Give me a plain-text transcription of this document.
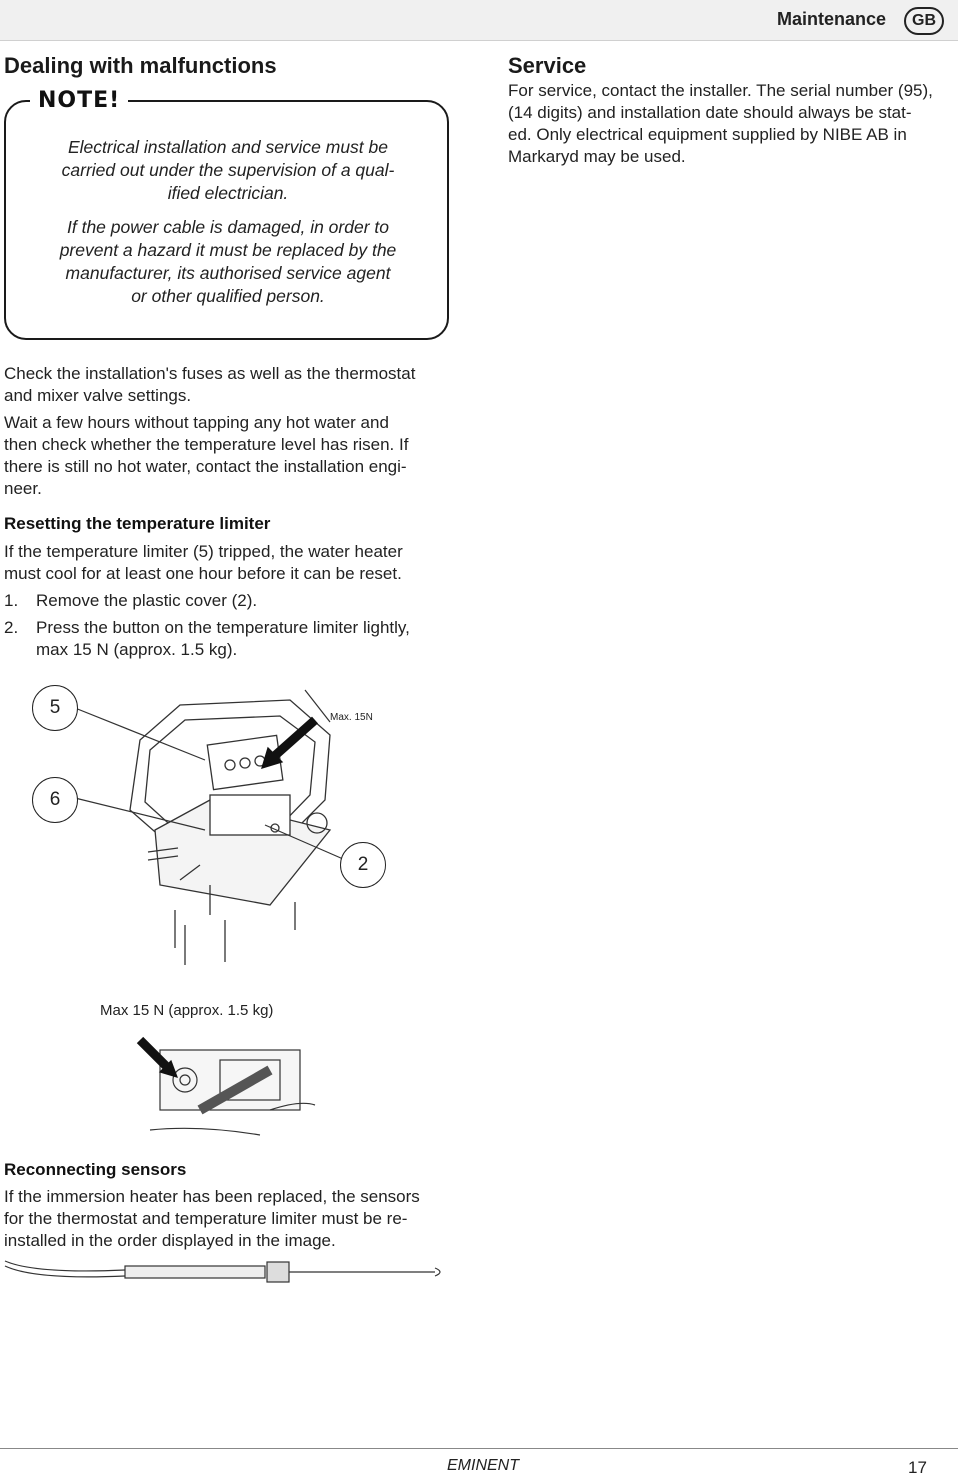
Maintenance	GB
Dealing with malfunctions
NOTE!
Electrical installation and service must be
carried out under the supervision of a qual-
ified electrician.
If the power cable is damaged, in order to
prevent a hazard it must be replaced by the
manufacturer, its authorised service agent
or other qualified person.
Check the installation's fuses as well as the thermostat
and mixer valve settings.
Wait a few hours without tapping any hot water and
then check whether the temperature level has risen. If
there is still no hot water, contact the installation engi-
neer.
Resetting the temperature limiter
If the temperature limiter (5) tripped, the water heater
must cool for at least one hour before it can be reset.
1.	Remove the plastic cover (2).
2.	Press the button on the temperature limiter lightly,
max 15 N (approx. 1.5 kg).
5
6
2
Max. 15N
Max 15 N (approx. 1.5 kg)
Reconnecting sensors
If the immersion heater has been replaced, the sensors
for the thermostat and temperature limiter must be re-
installed in the order displayed in the image.
Service
For service, contact the installer. The serial number (95),
(14 digits) and installation date should always be stat-
ed. Only electrical equipment supplied by NIBE AB in
Markaryd may be used.
EMINENT	17
